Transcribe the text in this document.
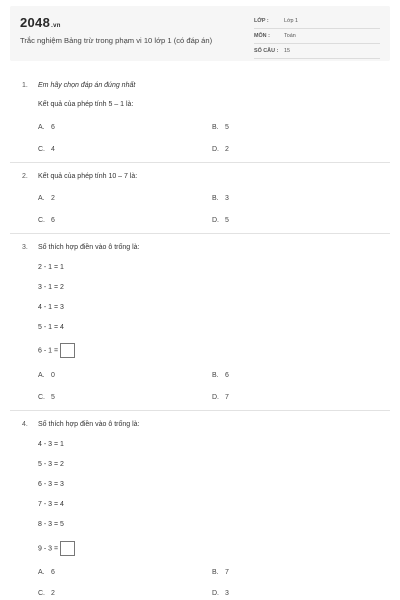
2048.vn
Trắc nghiệm Bảng trừ trong phạm vi 10 lớp 1 (có đáp án)
LỚP :	Lớp 1
MÔN :	Toán
SỐ CÂU : 15
1. Em hãy chọn đáp án đúng nhất
Kết quả của phép tính 5 – 1 là:
A. 6	B. 5
C. 4	D. 2
2. Kết quả của phép tính 10 – 7 là:
A. 2	B. 3
C. 6	D. 5
3. Số thích hợp điền vào ô trống là:
2 - 1 = 1
3 - 1 = 2
4 - 1 = 3
5 - 1 = 4
6 - 1 =
A. 0	B. 6
C. 5	D. 7
4. Số thích hợp điền vào ô trống là:
4 - 3 = 1
5 - 3 = 2
6 - 3 = 3
7 - 3 = 4
8 - 3 = 5
9 - 3 =
A. 6	B. 7
C. 2	D. 3
